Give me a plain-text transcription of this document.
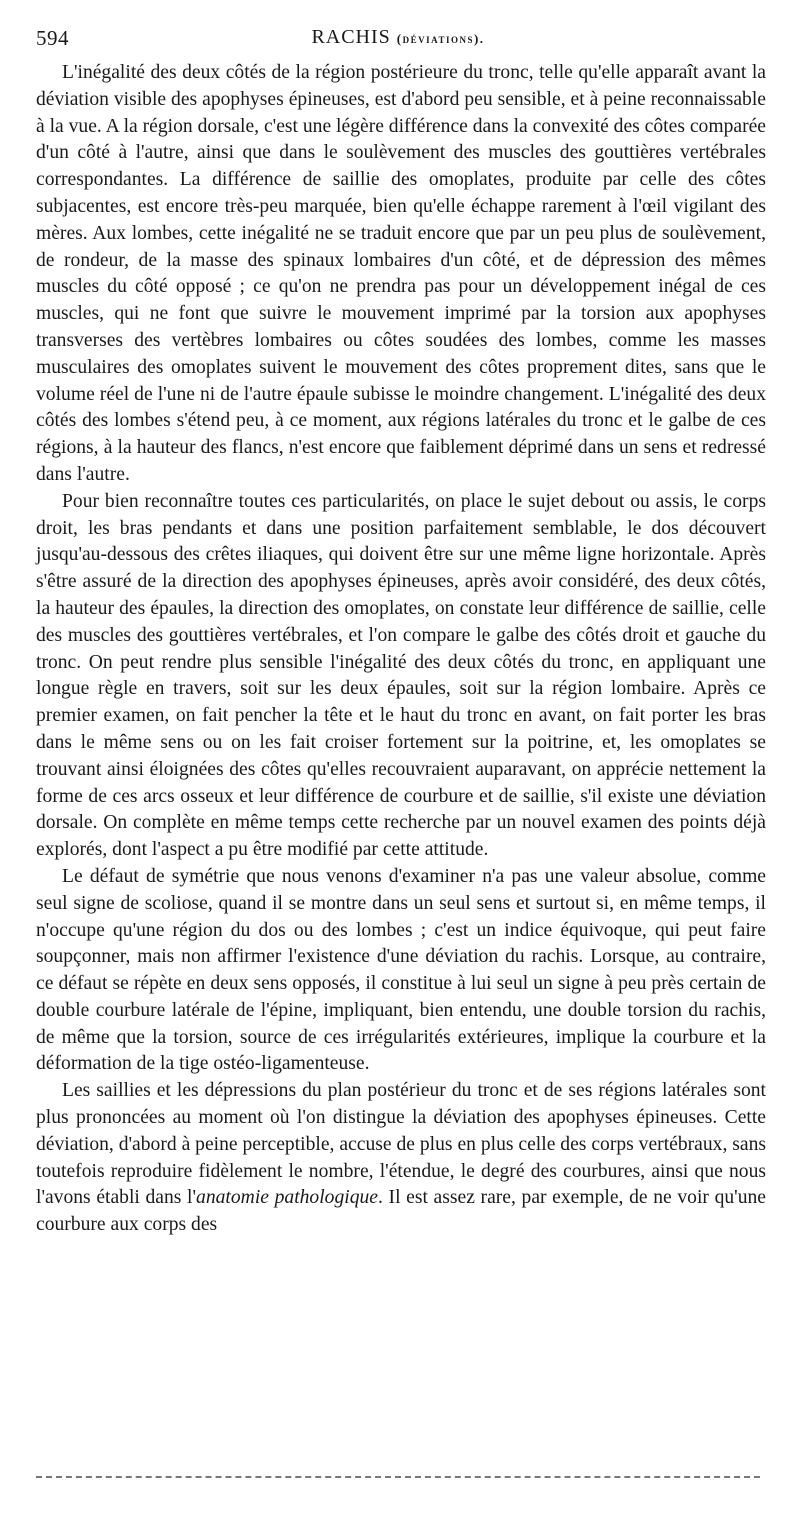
594	RACHIS (déviations).

L'inégalité des deux côtés de la région postérieure du tronc, telle qu'elle apparaît avant la déviation visible des apophyses épineuses, est d'abord peu sensible, et à peine reconnaissable à la vue. A la région dorsale, c'est une légère différence dans la convexité des côtes comparée d'un côté à l'autre, ainsi que dans le soulèvement des muscles des gouttières vertébrales correspondantes. La différence de saillie des omoplates, produite par celle des côtes subjacentes, est encore très-peu marquée, bien qu'elle échappe rarement à l'œil vigilant des mères. Aux lombes, cette inégalité ne se traduit encore que par un peu plus de soulèvement, de rondeur, de la masse des spinaux lombaires d'un côté, et de dépression des mêmes muscles du côté opposé ; ce qu'on ne prendra pas pour un développement inégal de ces muscles, qui ne font que suivre le mouvement imprimé par la torsion aux apophyses transverses des vertèbres lombaires ou côtes soudées des lombes, comme les masses musculaires des omoplates suivent le mouvement des côtes proprement dites, sans que le volume réel de l'une ni de l'autre épaule subisse le moindre changement. L'inégalité des deux côtés des lombes s'étend peu, à ce moment, aux régions latérales du tronc et le galbe de ces régions, à la hauteur des flancs, n'est encore que faiblement déprimé dans un sens et redressé dans l'autre.

Pour bien reconnaître toutes ces particularités, on place le sujet debout ou assis, le corps droit, les bras pendants et dans une position parfaitement semblable, le dos découvert jusqu'au-dessous des crêtes iliaques, qui doivent être sur une même ligne horizontale. Après s'être assuré de la direction des apophyses épineuses, après avoir considéré, des deux côtés, la hauteur des épaules, la direction des omoplates, on constate leur différence de saillie, celle des muscles des gouttières vertébrales, et l'on compare le galbe des côtés droit et gauche du tronc. On peut rendre plus sensible l'inégalité des deux côtés du tronc, en appliquant une longue règle en travers, soit sur les deux épaules, soit sur la région lombaire. Après ce premier examen, on fait pencher la tête et le haut du tronc en avant, on fait porter les bras dans le même sens ou on les fait croiser fortement sur la poitrine, et, les omoplates se trouvant ainsi éloignées des côtes qu'elles recouvraient auparavant, on apprécie nettement la forme de ces arcs osseux et leur différence de courbure et de saillie, s'il existe une déviation dorsale. On complète en même temps cette recherche par un nouvel examen des points déjà explorés, dont l'aspect a pu être modifié par cette attitude.

Le défaut de symétrie que nous venons d'examiner n'a pas une valeur absolue, comme seul signe de scoliose, quand il se montre dans un seul sens et surtout si, en même temps, il n'occupe qu'une région du dos ou des lombes ; c'est un indice équivoque, qui peut faire soupçonner, mais non affirmer l'existence d'une déviation du rachis. Lorsque, au contraire, ce défaut se répète en deux sens opposés, il constitue à lui seul un signe à peu près certain de double courbure latérale de l'épine, impliquant, bien entendu, une double torsion du rachis, de même que la torsion, source de ces irrégularités extérieures, implique la courbure et la déformation de la tige ostéo-ligamenteuse.

Les saillies et les dépressions du plan postérieur du tronc et de ses régions latérales sont plus prononcées au moment où l'on distingue la déviation des apophyses épineuses. Cette déviation, d'abord à peine perceptible, accuse de plus en plus celle des corps vertébraux, sans toutefois reproduire fidèlement le nombre, l'étendue, le degré des courbures, ainsi que nous l'avons établi dans l'anatomie pathologique. Il est assez rare, par exemple, de ne voir qu'une courbure aux corps des
